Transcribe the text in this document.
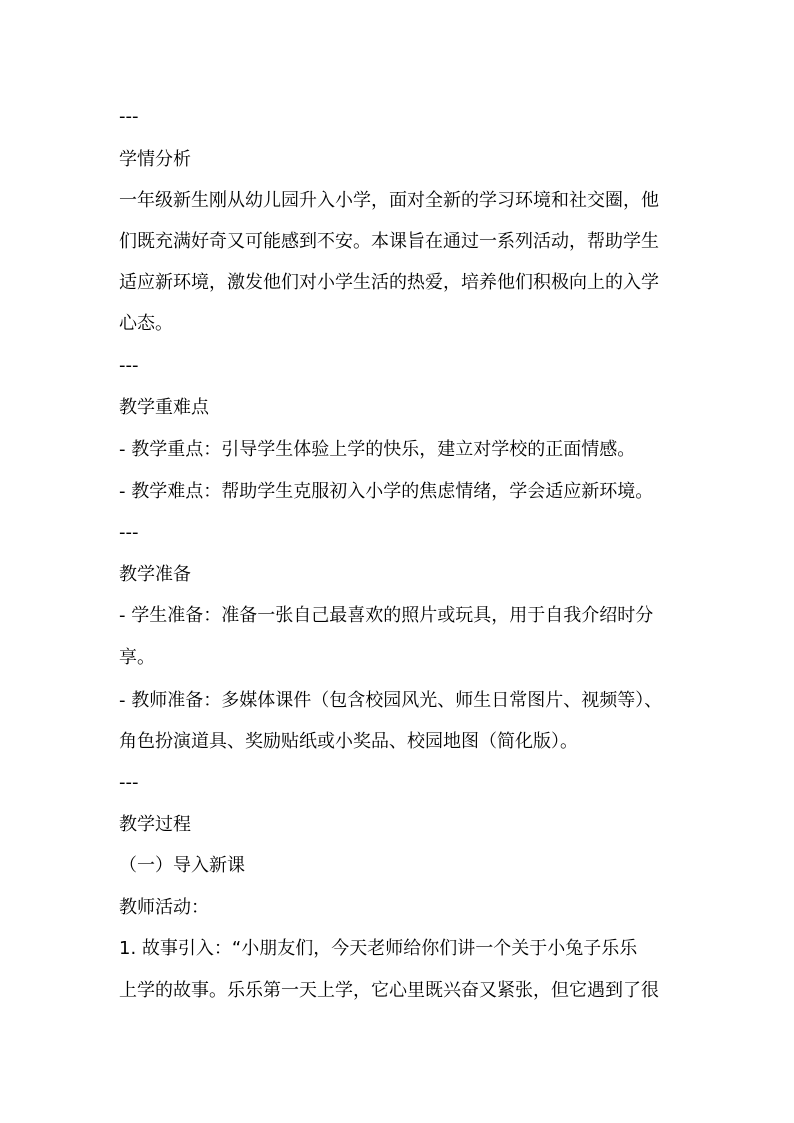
---
学情分析
一年级新生刚从幼儿园升入小学，面对全新的学习环境和社交圈，他
们既充满好奇又可能感到不安。本课旨在通过一系列活动，帮助学生
适应新环境，激发他们对小学生活的热爱，培养他们积极向上的入学
心态。
---
教学重难点
- 教学重点：引导学生体验上学的快乐，建立对学校的正面情感。
- 教学难点：帮助学生克服初入小学的焦虑情绪，学会适应新环境。
---
教学准备
- 学生准备：准备一张自己最喜欢的照片或玩具，用于自我介绍时分
享。
- 教师准备：多媒体课件（包含校园风光、师生日常图片、视频等）、
角色扮演道具、奖励贴纸或小奖品、校园地图（简化版）。
---
教学过程
（一）导入新课
教师活动：
1. 故事引入：“小朋友们，今天老师给你们讲一个关于小兔子乐乐
上学的故事。乐乐第一天上学，它心里既兴奋又紧张，但它遇到了很
